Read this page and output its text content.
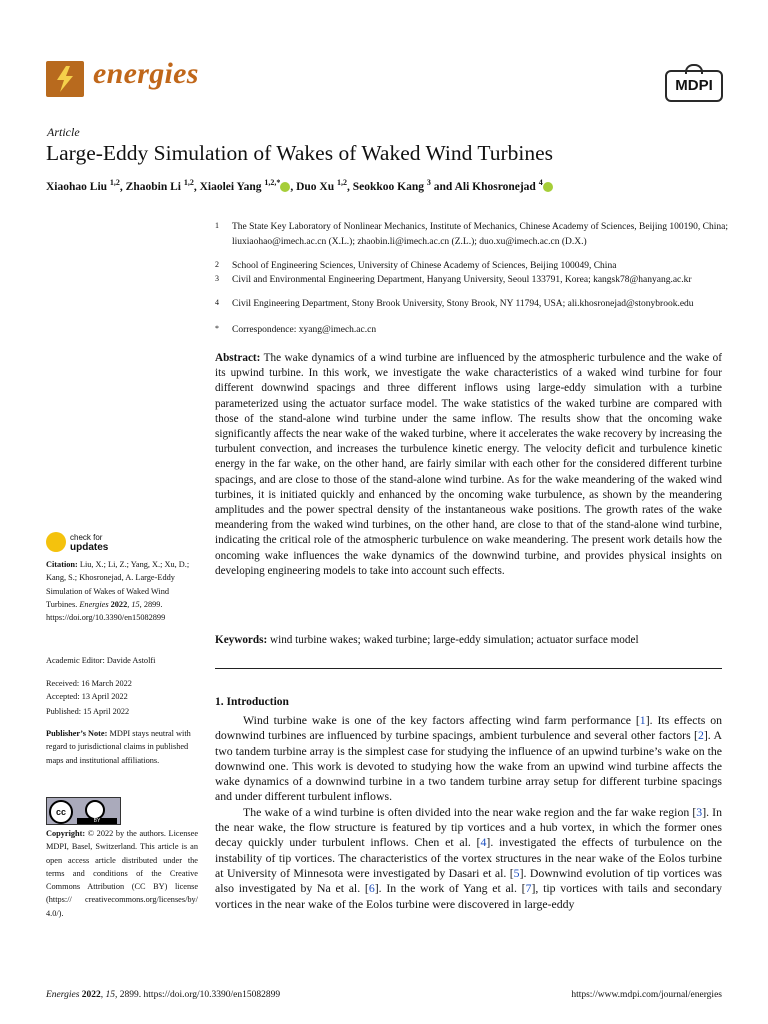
energies	MDPI
Article
Large-Eddy Simulation of Wakes of Waked Wind Turbines
Xiaohao Liu $^{1,2}$, Zhaobin Li $^{1,2}$, Xiaolei Yang $^{1,2,*}$ , Duo Xu $^{1,2}$, Seokkoo Kang $^3$ and Ali Khosronejad $^4$
1 The State Key Laboratory of Nonlinear Mechanics, Institute of Mechanics, Chinese Academy of Sciences, Beijing 100190, China; liuxiaohao@imech.ac.cn (X.L.); zhaobin.li@imech.ac.cn (Z.L.); duo.xu@imech.ac.cn (D.X.)
2 School of Engineering Sciences, University of Chinese Academy of Sciences, Beijing 100049, China
3 Civil and Environmental Engineering Department, Hanyang University, Seoul 133791, Korea; kangsk78@hanyang.ac.kr
4 Civil Engineering Department, Stony Brook University, Stony Brook, NY 11794, USA; ali.khosronejad@stonybrook.edu
* Correspondence: xyang@imech.ac.cn
Abstract: The wake dynamics of a wind turbine are influenced by the atmospheric turbulence and the wake of its upwind turbine. In this work, we investigate the wake characteristics of a waked wind turbine for four different downwind spacings and three different inflows using large-eddy simulation with a turbine parameterized using the actuator surface model. The wake statistics of the waked turbine are compared with those of the stand-alone wind turbine under the same inflow. The results show that the oncoming wake significantly affects the near wake of the waked turbine, where it accelerates the wake recovery by increasing the turbulent convection, and increases the turbulence kinetic energy. The velocity deficit and turbulence kinetic energy in the far wake, on the other hand, are fairly similar with each other for the considered different turbine spacings, and are close to those of the stand-alone wind turbine. As for the wake meandering of the waked wind turbines, it is initiated quickly and enhanced by the oncoming wake turbulence, as shown by the meandering amplitudes and the power spectral density of the instantaneous wake positions. The growth rates of the wake meandering from the waked wind turbines, on the other hand, are close to that of the stand-alone wind turbine, indicating the critical role of the atmospheric turbulence on wake meandering. The present work details how the oncoming wake influences the wake dynamics of the downwind turbine, and provides physical insights on developing engineering models to take into account such effects.
Keywords: wind turbine wakes; waked turbine; large-eddy simulation; actuator surface model
check for
updates
Citation: Liu, X.; Li, Z.; Yang, X.; Xu, D.; Kang, S.; Khosronejad, A. Large-Eddy Simulation of Wakes of Waked Wind Turbines. Energies 2022, 15, 2899. https://doi.org/10.3390/en15082899
Academic Editor: Davide Astolfi
Received: 16 March 2022
Accepted: 13 April 2022
Published: 15 April 2022
Publisher’s Note: MDPI stays neutral with regard to jurisdictional claims in published maps and institutional affiliations.
cc
BY
Copyright: © 2022 by the authors. Licensee MDPI, Basel, Switzerland. This article is an open access article distributed under the terms and conditions of the Creative Commons Attribution (CC BY) license (https:// creativecommons.org/licenses/by/ 4.0/).
1. Introduction

Wind turbine wake is one of the key factors affecting wind farm performance [1]. Its effects on downwind turbines are influenced by turbine spacings, ambient turbulence and several other factors [2]. A two tandem turbine array is the simplest case for studying the influence of an upwind turbine’s wake on the downwind one. This work is devoted to studying how the wake from an upwind wind turbine affects the wake dynamics of a downwind turbine in a two tandem turbine array setup for different turbine spacings and under different turbulent inflows.

The wake of a wind turbine is often divided into the near wake region and the far wake region [3]. In the near wake, the flow structure is featured by tip vortices and a hub vortex, in which the former ones decay quickly under turbulent inflows. Chen et al. [4]. investigated the effects of turbulence on the instability of tip vortices. The characteristics of the vortex structures in the near wake of the Eolos turbine at University of Minnesota were investigated by Dasari et al. [5]. Downwind evolution of tip vortices was also investigated by Na et al. [6]. In the work of Yang et al. [7], tip vortices with tails and secondary vortices in the near wake of the Eolos turbine were discovered in large-eddy

Energies 2022, 15, 2899. https://doi.org/10.3390/en15082899	https://www.mdpi.com/journal/energies
